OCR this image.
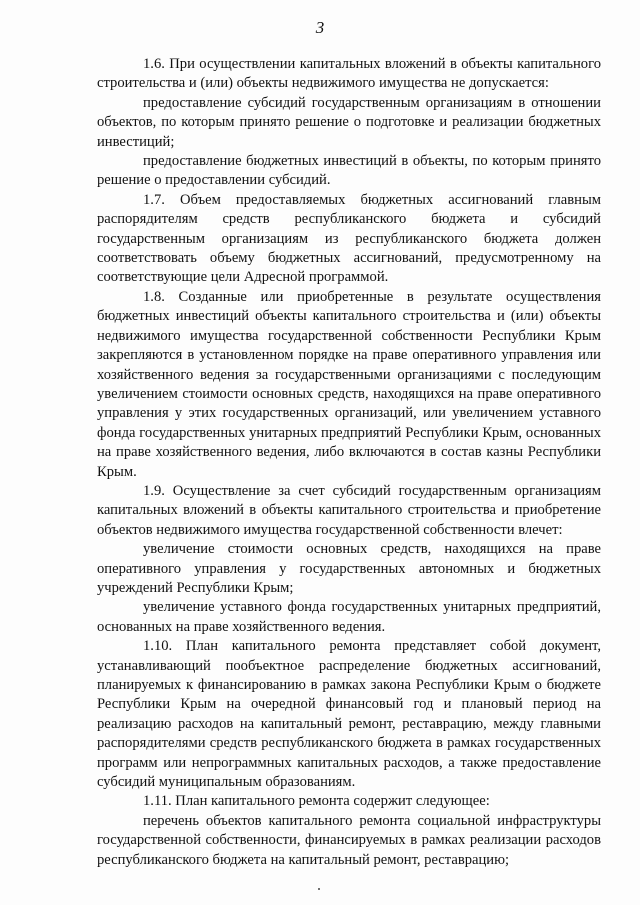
3

1.6. При осуществлении капитальных вложений в объекты капитального строительства и (или) объекты недвижимого имущества не допускается:

предоставление субсидий государственным организациям в отношении объектов, по которым принято решение о подготовке и реализации бюджетных инвестиций;

предоставление бюджетных инвестиций в объекты, по которым принято решение о предоставлении субсидий.

1.7. Объем предоставляемых бюджетных ассигнований главным распорядителям средств республиканского бюджета и субсидий государственным организациям из республиканского бюджета должен соответствовать объему бюджетных ассигнований, предусмотренному на соответствующие цели Адресной программой.

1.8. Созданные или приобретенные в результате осуществления бюджетных инвестиций объекты капитального строительства и (или) объекты недвижимого имущества государственной собственности Республики Крым закрепляются в установленном порядке на праве оперативного управления или хозяйственного ведения за государственными организациями с последующим увеличением стоимости основных средств, находящихся на праве оперативного управления у этих государственных организаций, или увеличением уставного фонда государственных унитарных предприятий Республики Крым, основанных на праве хозяйственного ведения, либо включаются в состав казны Республики Крым.

1.9. Осуществление за счет субсидий государственным организациям капитальных вложений в объекты капитального строительства и приобретение объектов недвижимого имущества государственной собственности влечет:

увеличение стоимости основных средств, находящихся на праве оперативного управления у государственных автономных и бюджетных учреждений Республики Крым;

увеличение уставного фонда государственных унитарных предприятий, основанных на праве хозяйственного ведения.

1.10. План капитального ремонта представляет собой документ, устанавливающий пообъектное распределение бюджетных ассигнований, планируемых к финансированию в рамках закона Республики Крым о бюджете Республики Крым на очередной финансовый год и плановый период на реализацию расходов на капитальный ремонт, реставрацию, между главными распорядителями средств республиканского бюджета в рамках государственных программ или непрограммных капитальных расходов, а также предоставление субсидий муниципальным образованиям.

1.11. План капитального ремонта содержит следующее:

перечень объектов капитального ремонта социальной инфраструктуры государственной собственности, финансируемых в рамках реализации расходов республиканского бюджета на капитальный ремонт, реставрацию;
